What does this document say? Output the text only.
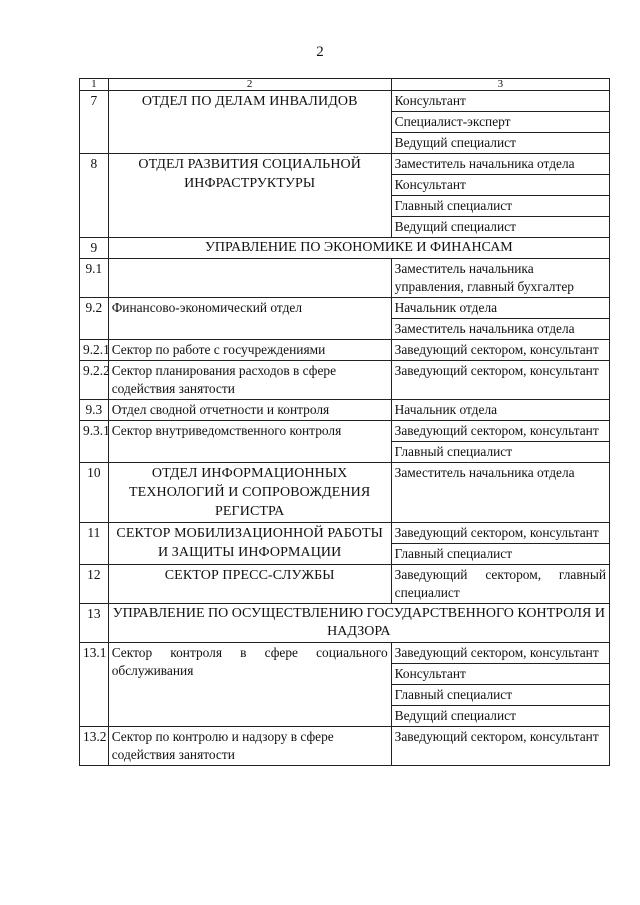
2
1	2	3
7	ОТДЕЛ ПО ДЕЛАМ ИНВАЛИДОВ	Консультант
		Специалист-эксперт
		Ведущий специалист
8	ОТДЕЛ РАЗВИТИЯ СОЦИАЛЬНОЙ ИНФРАСТРУКТУРЫ	Заместитель начальника отдела
		Консультант
		Главный специалист
		Ведущий специалист
9	УПРАВЛЕНИЕ ПО ЭКОНОМИКЕ И ФИНАНСАМ	
9.1		Заместитель начальника управления, главный бухгалтер
9.2	Финансово-экономический отдел	Начальник отдела
		Заместитель начальника отдела
9.2.1	Сектор по работе с госучреждениями	Заведующий сектором, консультант
9.2.2	Сектор планирования расходов в сфере содействия занятости	Заведующий сектором, консультант
9.3	Отдел сводной отчетности и контроля	Начальник отдела
9.3.1	Сектор внутриведомственного контроля	Заведующий сектором, консультант
		Главный специалист
10	ОТДЕЛ ИНФОРМАЦИОННЫХ ТЕХНОЛОГИЙ И СОПРОВОЖДЕНИЯ РЕГИСТРА	Заместитель начальника отдела
11	СЕКТОР МОБИЛИЗАЦИОННОЙ РАБОТЫ И ЗАЩИТЫ ИНФОРМАЦИИ	Заведующий сектором, консультант
		Главный специалист
12	СЕКТОР ПРЕСС-СЛУЖБЫ	Заведующий сектором, главный специалист
13	УПРАВЛЕНИЕ ПО ОСУЩЕСТВЛЕНИЮ ГОСУДАРСТВЕННОГО КОНТРОЛЯ И НАДЗОРА	
13.1	Сектор контроля в сфере социального обслуживания	Заведующий сектором, консультант
		Консультант
		Главный специалист
		Ведущий специалист
13.2	Сектор по контролю и надзору в сфере содействия занятости	Заведующий сектором, консультант
